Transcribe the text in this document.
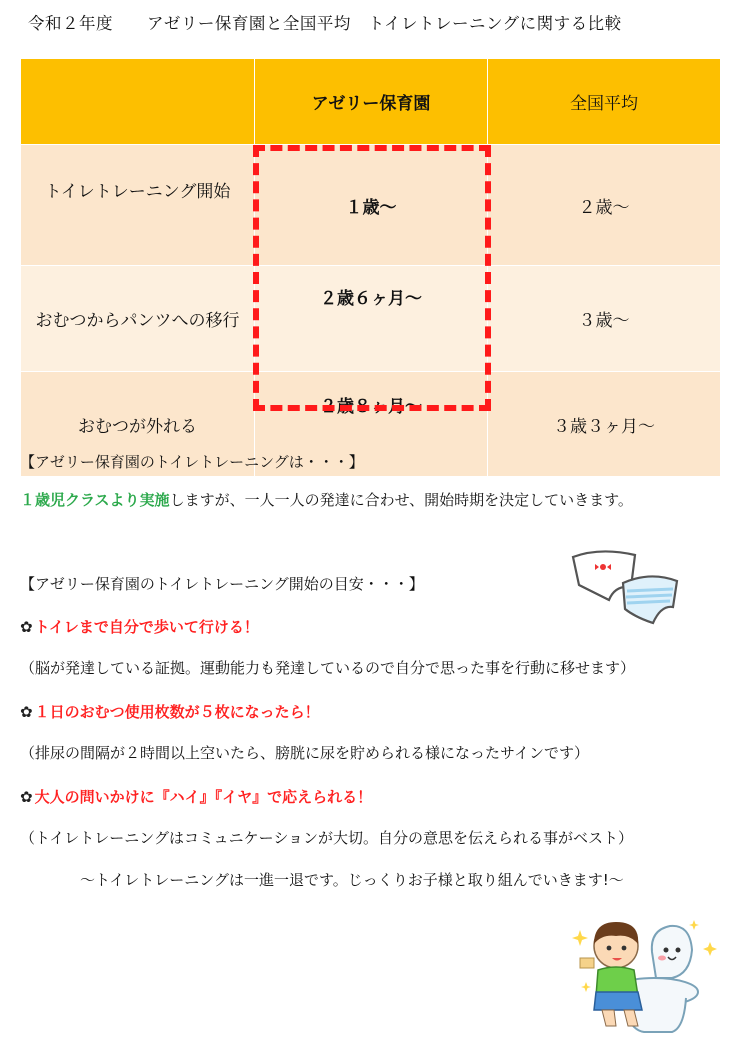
令和２年度　　アゼリー保育園と全国平均　トイレトレーニングに関する比較
	アゼリー保育園	全国平均
トイレトレーニング開始	１歳～	２歳～
おむつからパンツへの移行	２歳６ヶ月～	３歳～
おむつが外れる	２歳８ヶ月～	３歳３ヶ月～
【アゼリー保育園のトイレトレーニングは・・・】
１歳児クラスより実施しますが、一人一人の発達に合わせ、開始時期を決定していきます。
【アゼリー保育園のトイレトレーニング開始の目安・・・】
✿ トイレまで自分で歩いて行ける！
（脳が発達している証拠。運動能力も発達しているので自分で思った事を行動に移せます）
✿ １日のおむつ使用枚数が５枚になったら！
（排尿の間隔が２時間以上空いたら、膀胱に尿を貯められる様になったサインです）
✿ 大人の問いかけに『ハイ』『イヤ』で応えられる！
（トイレトレーニングはコミュニケーションが大切。自分の意思を伝えられる事がベスト）
～トイレトレーニングは一進一退です。じっくりお子様と取り組んでいきます!～
